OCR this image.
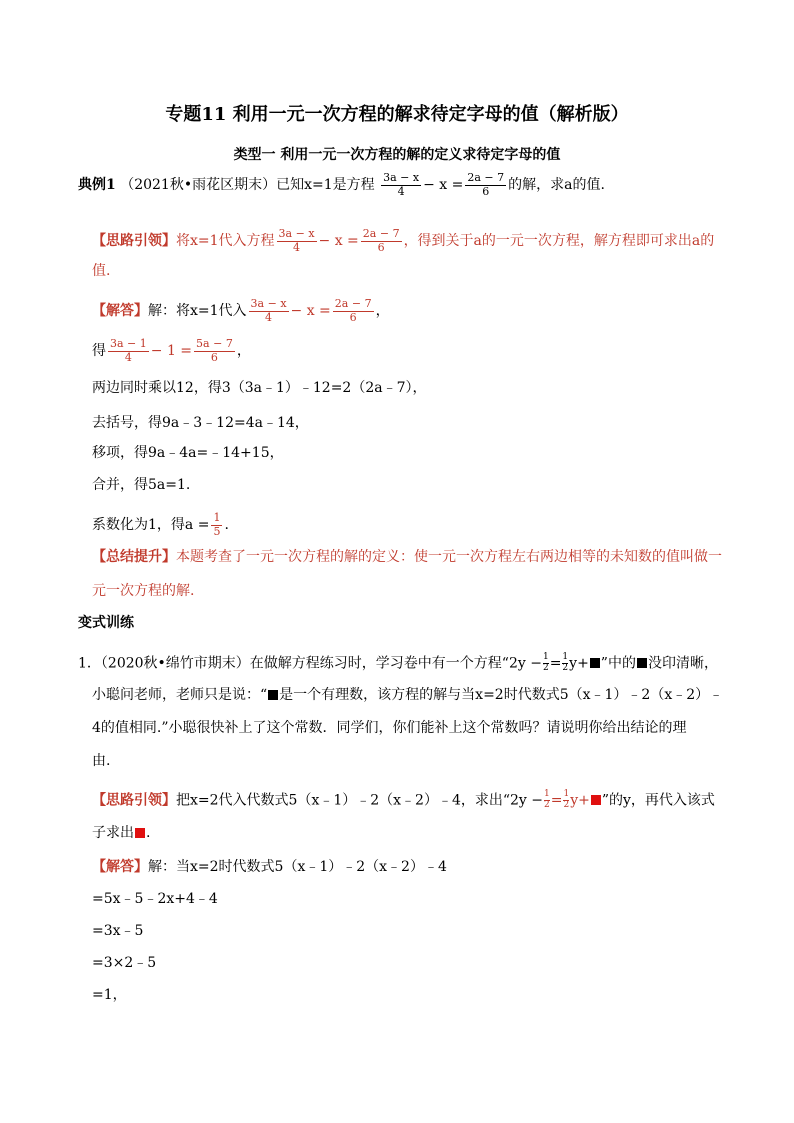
专题11 利用一元一次方程的解求待定字母的值（解析版）
类型一 利用一元一次方程的解的定义求待定字母的值
典例1 （2021秋•雨花区期末）已知x=1是方程 $\frac{3a - x}{4} - x = \frac{2a - 7}{6}$ 的解，求a的值.
【思路引领】将x=1代入方程 $\frac{3a - x}{4} - x = \frac{2a - 7}{6}$ ，得到关于a的一元一次方程，解方程即可求出a的
值.
【解答】解：将x=1代入 $\frac{3a - x}{4} - x = \frac{2a - 7}{6}$ ，
得 $\frac{3a - 1}{4} - 1 = \frac{5a - 7}{6}$ ，
两边同时乘以12，得3（3a﹣1）﹣12=2（2a﹣7），
去括号，得9a﹣3﹣12=4a﹣14，
移项，得9a﹣4a=﹣14+15，
合并，得5a=1.
系数化为1，得$a = \frac{1}{5}$ .
【总结提升】本题考查了一元一次方程的解的定义：使一元一次方程左右两边相等的未知数的值叫做一
元一次方程的解.
变式训练
1．（2020秋•绵竹市期末）在做解方程练习时，学习卷中有一个方程“$2y - \frac{1}{2} = \frac{1}{2} y+$ ”中的 没印清晰，
小聪问老师，老师只是说：“ 是一个有理数，该方程的解与当x=2时代数式5（x﹣1）﹣2（x﹣2）﹣
4的值相同.”小聪很快补上了这个常数．同学们，你们能补上这个常数吗？请说明你给出结论的理
由.
【思路引领】把x=2代入代数式5（x﹣1）﹣2（x﹣2）﹣4，求出“$2y - \frac{1}{2} = \frac{1}{2} y+$ ”的y，再代入该式
子求出 .
【解答】解：当x=2时代数式5（x﹣1）﹣2（x﹣2）﹣4
=5x﹣5﹣2x+4﹣4
=3x﹣5
=3×2﹣5
=1，
